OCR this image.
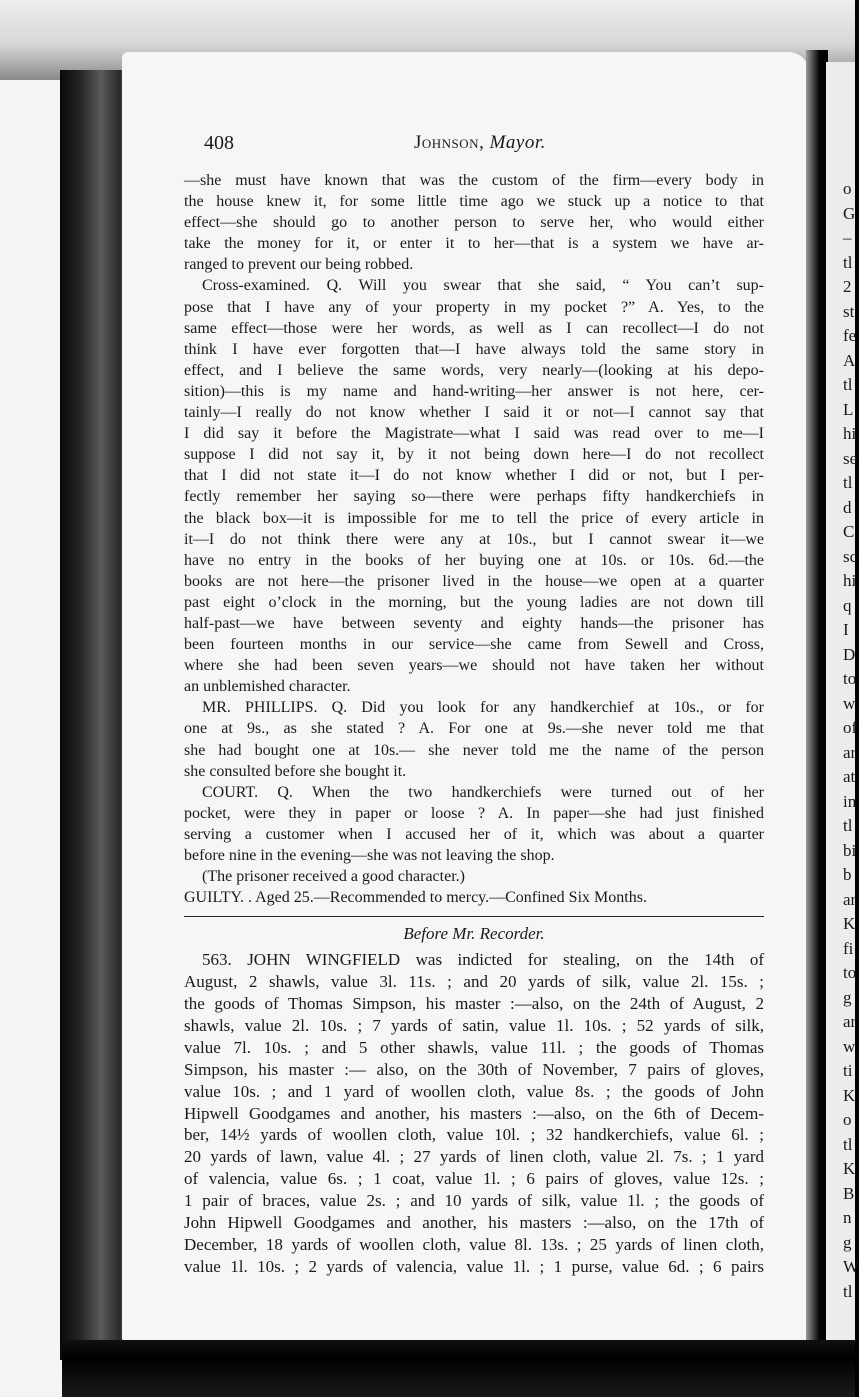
o
G
–
tl
2
st
fe
A
tl
L
hi
se
tl
d
C
sc
hi
q
I
D
to
w
of
ar
at
in
tl
bi
b
ar
K
fi
to
g
ar
w
ti
K
o
tl
K
B
n
g
W
tl
408	Johnson, Mayor.
—she must have known that was the custom of the firm—every body in
the house knew it, for some little time ago we stuck up a notice to that
effect—she should go to another person to serve her, who would either
take the money for it, or enter it to her—that is a system we have ar-
ranged to prevent our being robbed.
Cross-examined. Q. Will you swear that she said, “ You can’t sup-
pose that I have any of your property in my pocket ?” A. Yes, to the
same effect—those were her words, as well as I can recollect—I do not
think I have ever forgotten that—I have always told the same story in
effect, and I believe the same words, very nearly—(looking at his depo-
sition)—this is my name and hand-writing—her answer is not here, cer-
tainly—I really do not know whether I said it or not—I cannot say that
I did say it before the Magistrate—what I said was read over to me—I
suppose I did not say it, by it not being down here—I do not recollect
that I did not state it—I do not know whether I did or not, but I per-
fectly remember her saying so—there were perhaps fifty handkerchiefs in
the black box—it is impossible for me to tell the price of every article in
it—I do not think there were any at 10s., but I cannot swear it—we
have no entry in the books of her buying one at 10s. or 10s. 6d.—the
books are not here—the prisoner lived in the house—we open at a quarter
past eight o’clock in the morning, but the young ladies are not down till
half-past—we have between seventy and eighty hands—the prisoner has
been fourteen months in our service—she came from Sewell and Cross,
where she had been seven years—we should not have taken her without
an unblemished character.
MR. PHILLIPS. Q. Did you look for any handkerchief at 10s., or for
one at 9s., as she stated ? A. For one at 9s.—she never told me that
she had bought one at 10s.— she never told me the name of the person
she consulted before she bought it.
COURT. Q. When the two handkerchiefs were turned out of her
pocket, were they in paper or loose ? A. In paper—she had just finished
serving a customer when I accused her of it, which was about a quarter
before nine in the evening—she was not leaving the shop.
(The prisoner received a good character.)
GUILTY. . Aged 25.—Recommended to mercy.—Confined Six Months.
Before Mr. Recorder.
563. JOHN WINGFIELD was indicted for stealing, on the 14th of
August, 2 shawls, value 3l. 11s. ; and 20 yards of silk, value 2l. 15s. ;
the goods of Thomas Simpson, his master :—also, on the 24th of August, 2
shawls, value 2l. 10s. ; 7 yards of satin, value 1l. 10s. ; 52 yards of silk,
value 7l. 10s. ; and 5 other shawls, value 11l. ; the goods of Thomas
Simpson, his master :— also, on the 30th of November, 7 pairs of gloves,
value 10s. ; and 1 yard of woollen cloth, value 8s. ; the goods of John
Hipwell Goodgames and another, his masters :—also, on the 6th of Decem-
ber, 14½ yards of woollen cloth, value 10l. ; 32 handkerchiefs, value 6l. ;
20 yards of lawn, value 4l. ; 27 yards of linen cloth, value 2l. 7s. ; 1 yard
of valencia, value 6s. ; 1 coat, value 1l. ; 6 pairs of gloves, value 12s. ;
1 pair of braces, value 2s. ; and 10 yards of silk, value 1l. ; the goods of
John Hipwell Goodgames and another, his masters :—also, on the 17th of
December, 18 yards of woollen cloth, value 8l. 13s. ; 25 yards of linen cloth,
value 1l. 10s. ; 2 yards of valencia, value 1l. ; 1 purse, value 6d. ; 6 pairs
